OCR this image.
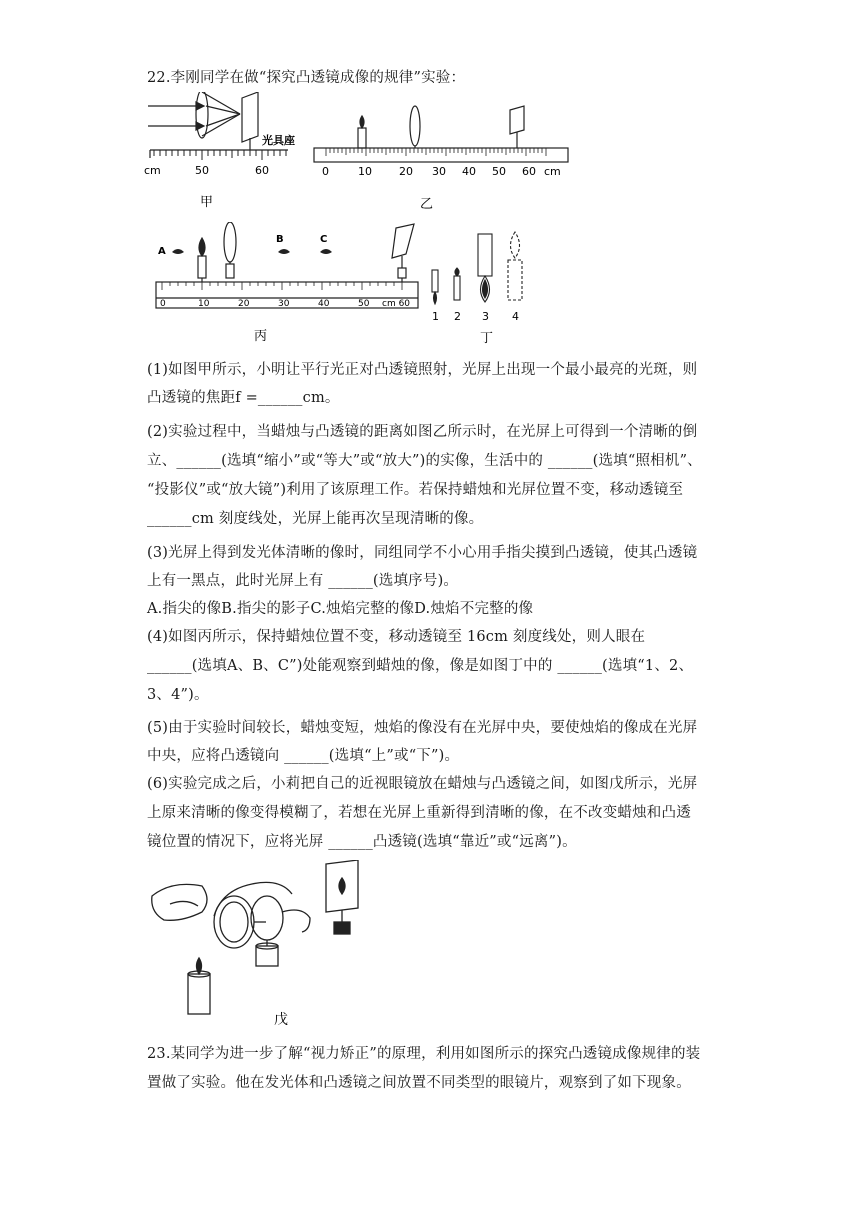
22.李刚同学在做“探究凸透镜成像的规律”实验：
光具座
cm	50	60
甲
0	10 20 30 40 50 60 cm
乙
0	10	20	30	40	50 cm 60
A
B	C
丙
1 2 3 4
丁
(1)如图甲所示，小明让平行光正对凸透镜照射，光屏上出现一个最小最亮的光斑，则
凸透镜的焦距f =______cm。
(2)实验过程中，当蜡烛与凸透镜的距离如图乙所示时，在光屏上可得到一个清晰的倒
立、______(选填“缩小”或“等大”或“放大”)的实像，生活中的 ______(选填“照相机”、
“投影仪”或“放大镜”)利用了该原理工作。若保持蜡烛和光屏位置不变，移动透镜至
______cm 刻度线处，光屏上能再次呈现清晰的像。
(3)光屏上得到发光体清晰的像时，同组同学不小心用手指尖摸到凸透镜，使其凸透镜
上有一黑点，此时光屏上有 ______(选填序号)。
A.指尖的像B.指尖的影子C.烛焰完整的像D.烛焰不完整的像
(4)如图丙所示，保持蜡烛位置不变，移动透镜至 16cm 刻度线处，则人眼在
______(选填A、B、C”)处能观察到蜡烛的像，像是如图丁中的 ______(选填“1、2、
3、4”)。
(5)由于实验时间较长，蜡烛变短，烛焰的像没有在光屏中央，要使烛焰的像成在光屏
中央，应将凸透镜向 ______(选填“上”或“下”)。
(6)实验完成之后，小莉把自己的近视眼镜放在蜡烛与凸透镜之间，如图戊所示，光屏
上原来清晰的像变得模糊了，若想在光屏上重新得到清晰的像，在不改变蜡烛和凸透
镜位置的情况下，应将光屏 ______凸透镜(选填“靠近”或“远离”)。
戊
23.某同学为进一步了解“视力矫正”的原理，利用如图所示的探究凸透镜成像规律的装
置做了实验。他在发光体和凸透镜之间放置不同类型的眼镜片，观察到了如下现象。
